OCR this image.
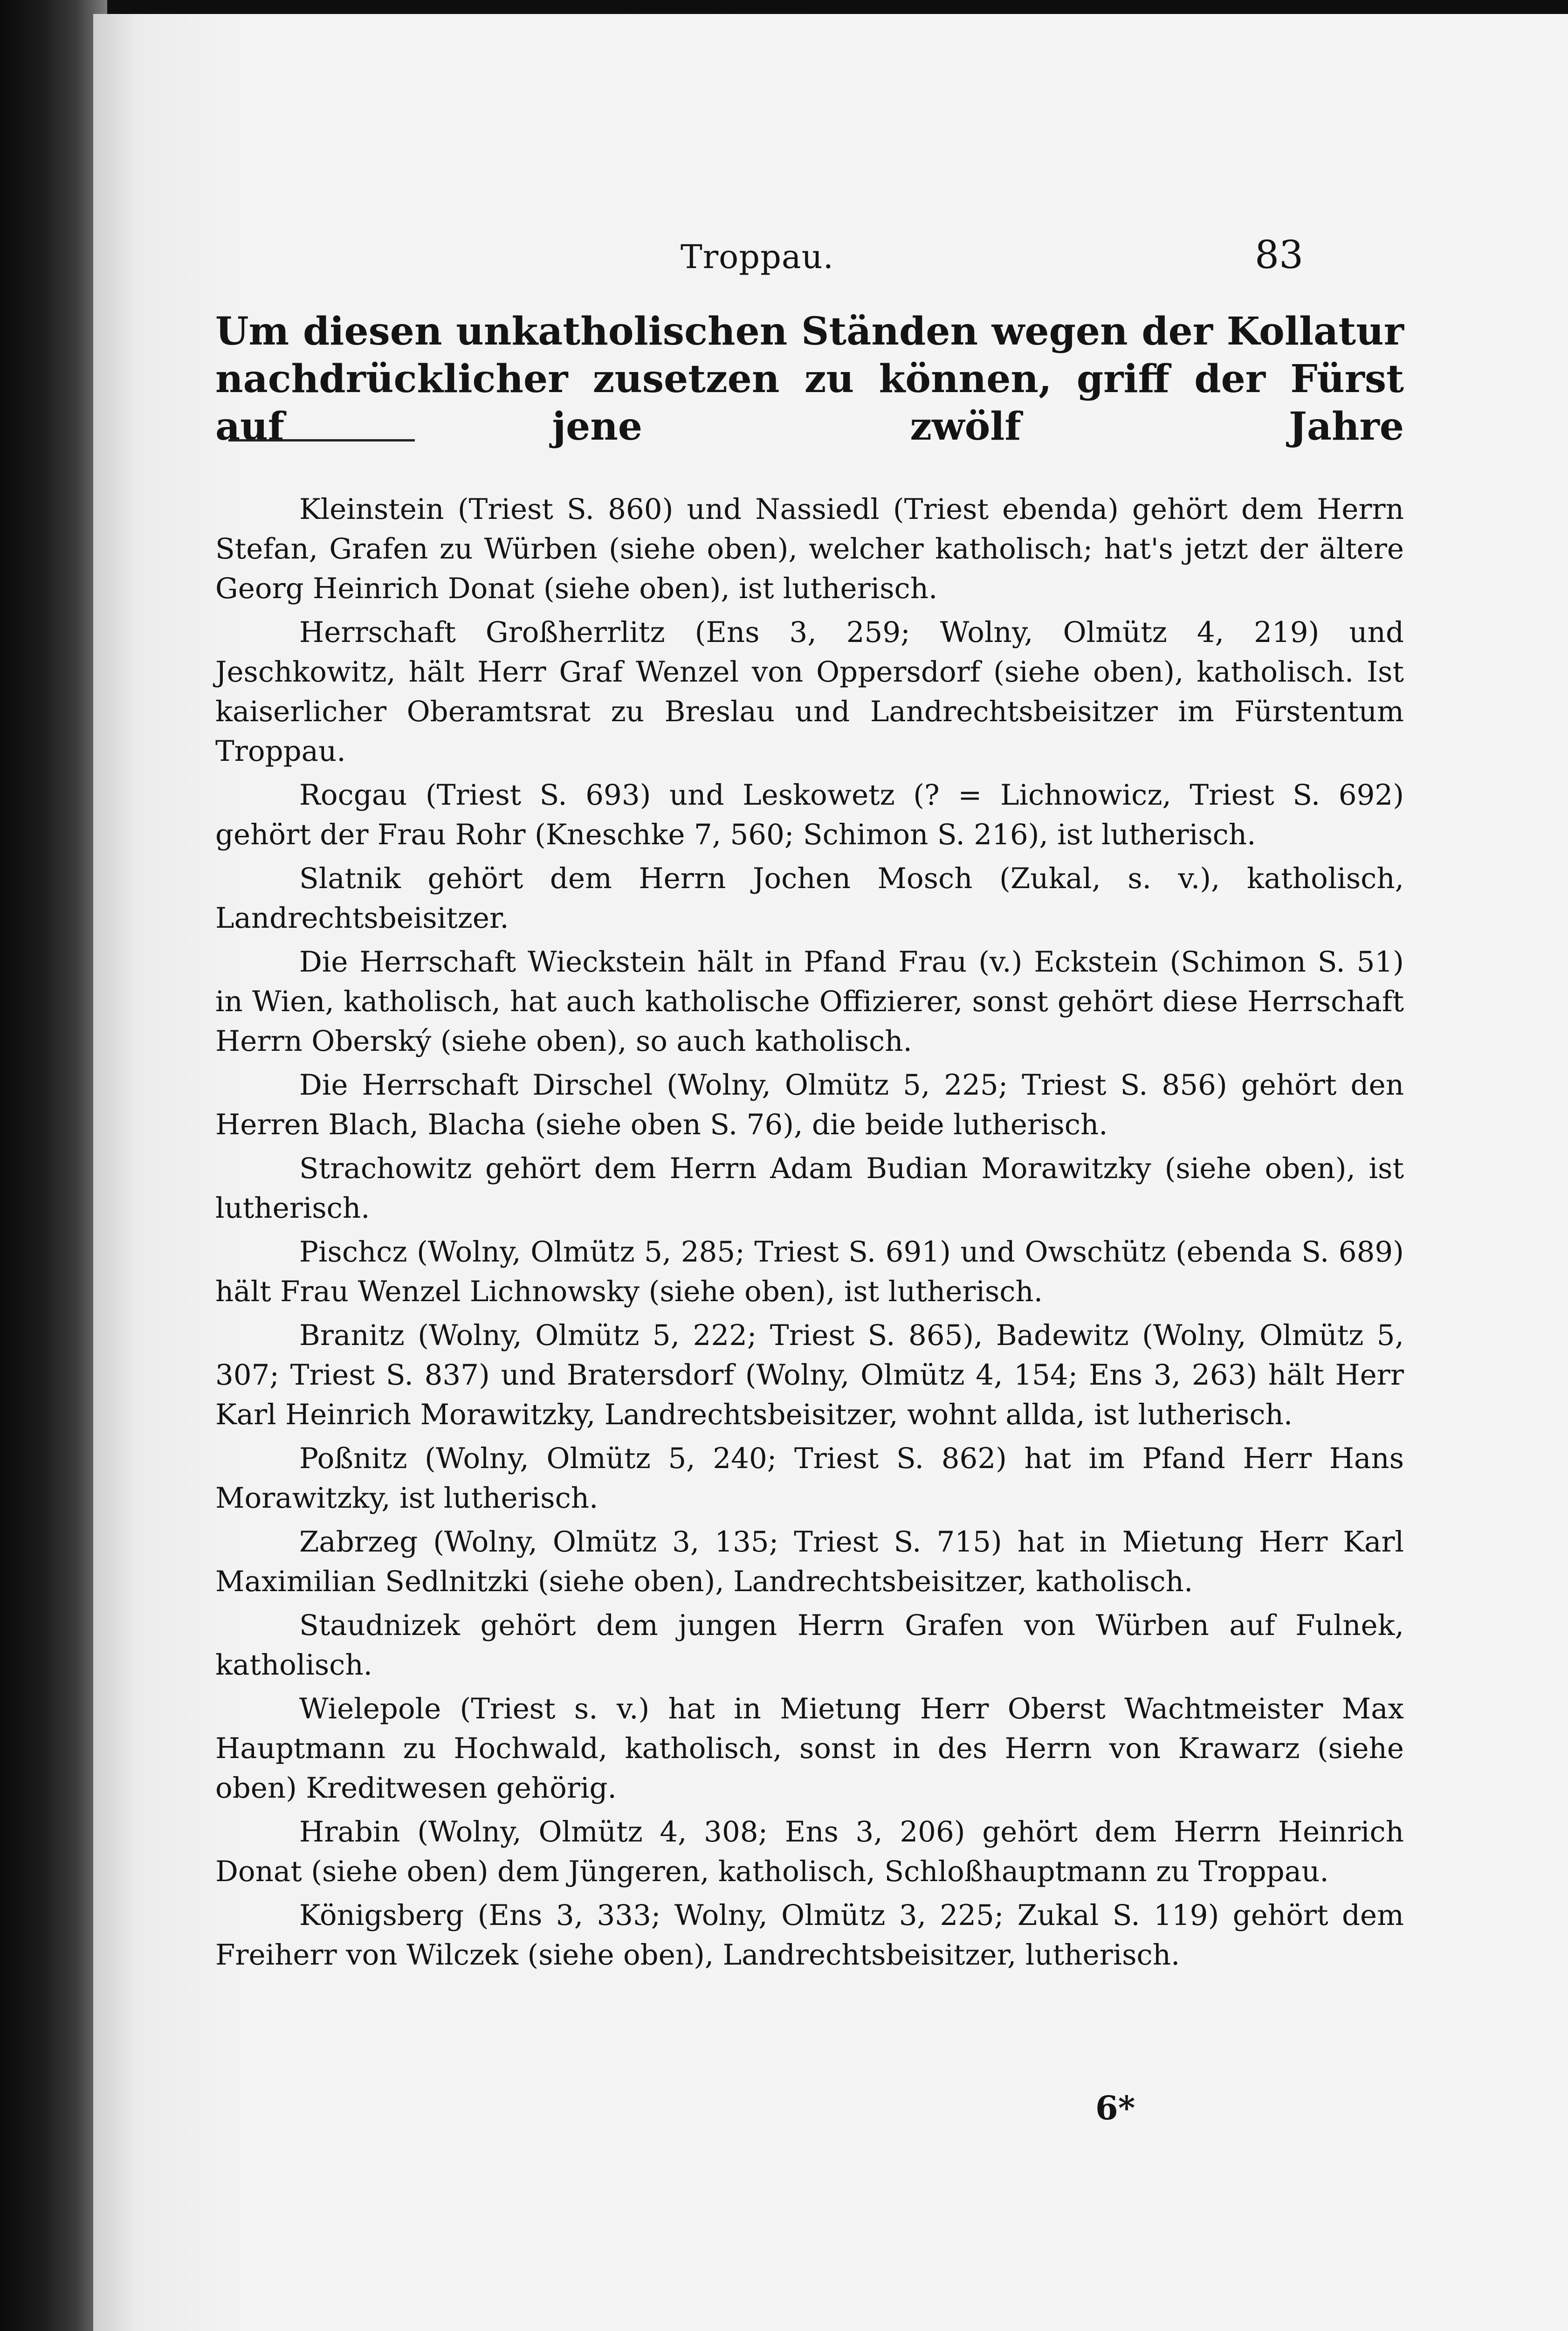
Troppau.	83
Um diesen unkatholischen Ständen wegen der Kollatur nachdrücklicher zusetzen zu können, griff der Fürst auf jene zwölf Jahre

Kleinstein (Triest S. 860) und Nassiedl (Triest ebenda) gehört dem Herrn Stefan, Grafen zu Würben (siehe oben), welcher katholisch; hat's jetzt der ältere Georg Heinrich Donat (siehe oben), ist lutherisch.

Herrschaft Großherrlitz (Ens 3, 259; Wolny, Olmütz 4, 219) und Jeschkowitz, hält Herr Graf Wenzel von Oppersdorf (siehe oben), katholisch. Ist kaiserlicher Oberamtsrat zu Breslau und Landrechtsbeisitzer im Fürstentum Troppau.

Rocgau (Triest S. 693) und Leskowetz (? = Lichnowicz, Triest S. 692) gehört der Frau Rohr (Kneschke 7, 560; Schimon S. 216), ist lutherisch.

Slatnik gehört dem Herrn Jochen Mosch (Zukal, s. v.), katholisch, Landrechtsbeisitzer.

Die Herrschaft Wieckstein hält in Pfand Frau (v.) Eckstein (Schimon S. 51) in Wien, katholisch, hat auch katholische Offizierer, sonst gehört diese Herrschaft Herrn Oberský (siehe oben), so auch katholisch.

Die Herrschaft Dirschel (Wolny, Olmütz 5, 225; Triest S. 856) gehört den Herren Blach, Blacha (siehe oben S. 76), die beide lutherisch.

Strachowitz gehört dem Herrn Adam Budian Morawitzky (siehe oben), ist lutherisch.

Pischcz (Wolny, Olmütz 5, 285; Triest S. 691) und Owschütz (ebenda S. 689) hält Frau Wenzel Lichnowsky (siehe oben), ist lutherisch.

Branitz (Wolny, Olmütz 5, 222; Triest S. 865), Badewitz (Wolny, Olmütz 5, 307; Triest S. 837) und Bratersdorf (Wolny, Olmütz 4, 154; Ens 3, 263) hält Herr Karl Heinrich Morawitzky, Landrechtsbeisitzer, wohnt allda, ist lutherisch.

Poßnitz (Wolny, Olmütz 5, 240; Triest S. 862) hat im Pfand Herr Hans Morawitzky, ist lutherisch.

Zabrzeg (Wolny, Olmütz 3, 135; Triest S. 715) hat in Mietung Herr Karl Maximilian Sedlnitzki (siehe oben), Landrechtsbeisitzer, katholisch.

Staudnizek gehört dem jungen Herrn Grafen von Würben auf Fulnek, katholisch.

Wielepole (Triest s. v.) hat in Mietung Herr Oberst Wachtmeister Max Hauptmann zu Hochwald, katholisch, sonst in des Herrn von Krawarz (siehe oben) Kreditwesen gehörig.

Hrabin (Wolny, Olmütz 4, 308; Ens 3, 206) gehört dem Herrn Heinrich Donat (siehe oben) dem Jüngeren, katholisch, Schloßhauptmann zu Troppau.

Königsberg (Ens 3, 333; Wolny, Olmütz 3, 225; Zukal S. 119) gehört dem Freiherr von Wilczek (siehe oben), Landrechtsbeisitzer, lutherisch.

6*
